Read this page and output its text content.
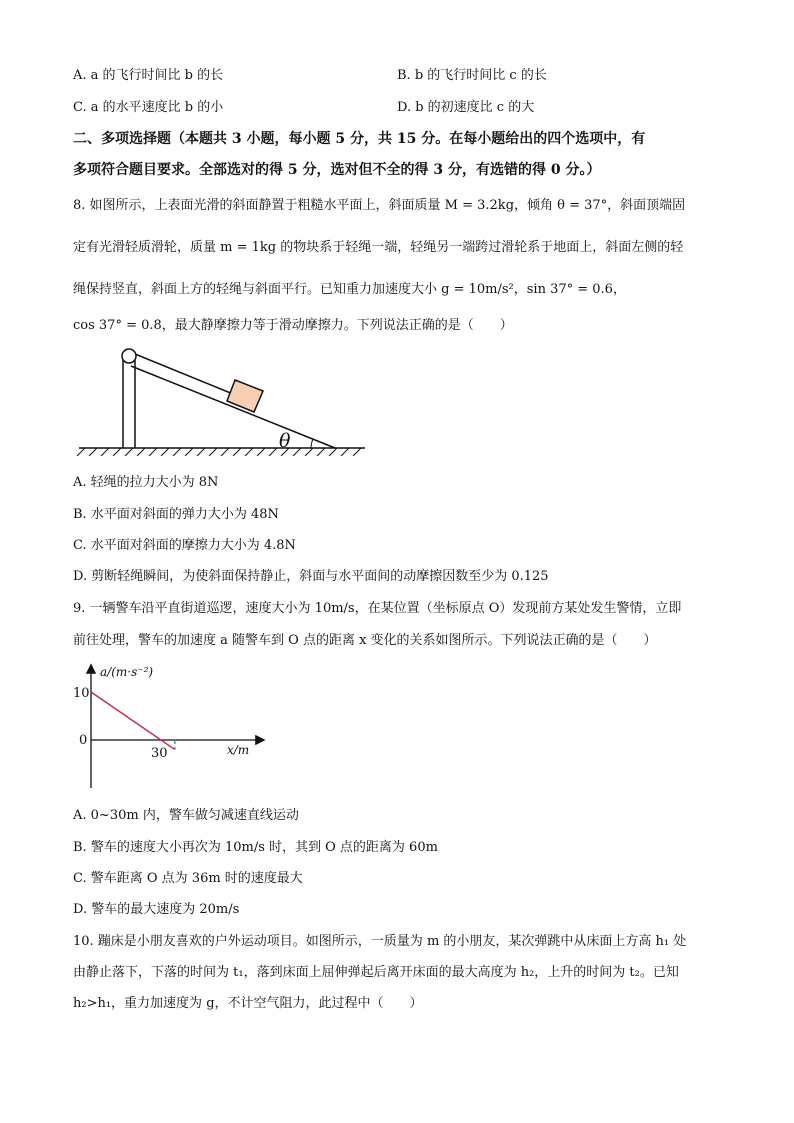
A. a 的飞行时间比 b 的长	B. b 的飞行时间比 c 的长
C. a 的水平速度比 b 的小	D. b 的初速度比 c 的大
二、多项选择题（本题共 3 小题，每小题 5 分，共 15 分。在每小题给出的四个选项中，有
多项符合题目要求。全部选对的得 5 分，选对但不全的得 3 分，有选错的得 0 分。）
8. 如图所示，上表面光滑的斜面静置于粗糙水平面上，斜面质量 M = 3.2kg，倾角 θ = 37°，斜面顶端固
定有光滑轻质滑轮，质量 m = 1kg 的物块系于轻绳一端，轻绳另一端跨过滑轮系于地面上，斜面左侧的轻
绳保持竖直，斜面上方的轻绳与斜面平行。已知重力加速度大小 g = 10m/s²，sin 37° = 0.6，
cos 37° = 0.8，最大静摩擦力等于滑动摩擦力。下列说法正确的是（　　）
θ
A. 轻绳的拉力大小为 8N
B. 水平面对斜面的弹力大小为 48N
C. 水平面对斜面的摩擦力大小为 4.8N
D. 剪断轻绳瞬间，为使斜面保持静止，斜面与水平面间的动摩擦因数至少为 0.125
9. 一辆警车沿平直街道巡逻，速度大小为 10m/s，在某位置（坐标原点 O）发现前方某处发生警情，立即
前往处理，警车的加速度 a 随警车到 O 点的距离 x 变化的关系如图所示。下列说法正确的是（　　）
a/(m·s⁻²)
x/m
10
0
30
A. 0~30m 内，警车做匀减速直线运动
B. 警车的速度大小再次为 10m/s 时，其到 O 点的距离为 60m
C. 警车距离 O 点为 36m 时的速度最大
D. 警车的最大速度为 20m/s
10. 蹦床是小朋友喜欢的户外运动项目。如图所示，一质量为 m 的小朋友，某次弹跳中从床面上方高 h₁ 处
由静止落下，下落的时间为 t₁，落到床面上屈伸弹起后离开床面的最大高度为 h₂，上升的时间为 t₂。已知
h₂>h₁，重力加速度为 g，不计空气阻力，此过程中（　　）
